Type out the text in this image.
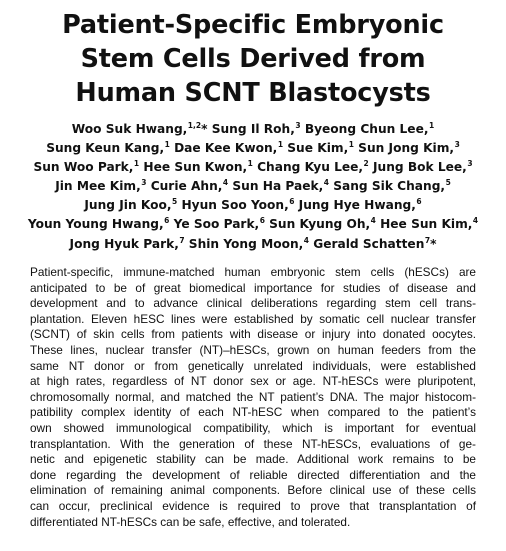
Patient-Specific Embryonic
Stem Cells Derived from
Human SCNT Blastocysts
Woo Suk Hwang,$^{1,2}$* Sung Il Roh,$^3$ Byeong Chun Lee,$^1$
Sung Keun Kang,$^1$ Dae Kee Kwon,$^1$ Sue Kim,$^1$ Sun Jong Kim,$^3$
Sun Woo Park,$^1$ Hee Sun Kwon,$^1$ Chang Kyu Lee,$^2$ Jung Bok Lee,$^3$
Jin Mee Kim,$^3$ Curie Ahn,$^4$ Sun Ha Paek,$^4$ Sang Sik Chang,$^5$
Jung Jin Koo,$^5$ Hyun Soo Yoon,$^6$ Jung Hye Hwang,$^6$
Youn Young Hwang,$^6$ Ye Soo Park,$^6$ Sun Kyung Oh,$^4$ Hee Sun Kim,$^4$
Jong Hyuk Park,$^7$ Shin Yong Moon,$^4$ Gerald Schatten$^7$*
Patient-specific, immune-matched human embryonic stem cells (hESCs) are
anticipated to be of great biomedical importance for studies of disease and
development and to advance clinical deliberations regarding stem cell trans-
plantation. Eleven hESC lines were established by somatic cell nuclear transfer
(SCNT) of skin cells from patients with disease or injury into donated oocytes.
These lines, nuclear transfer (NT)–hESCs, grown on human feeders from the
same NT donor or from genetically unrelated individuals, were established
at high rates, regardless of NT donor sex or age. NT-hESCs were pluripotent,
chromosomally normal, and matched the NT patient’s DNA. The major histocom-
patibility complex identity of each NT-hESC when compared to the patient’s
own showed immunological compatibility, which is important for eventual
transplantation. With the generation of these NT-hESCs, evaluations of ge-
netic and epigenetic stability can be made. Additional work remains to be
done regarding the development of reliable directed differentiation and the
elimination of remaining animal components. Before clinical use of these cells
can occur, preclinical evidence is required to prove that transplantation of
differentiated NT-hESCs can be safe, effective, and tolerated.
